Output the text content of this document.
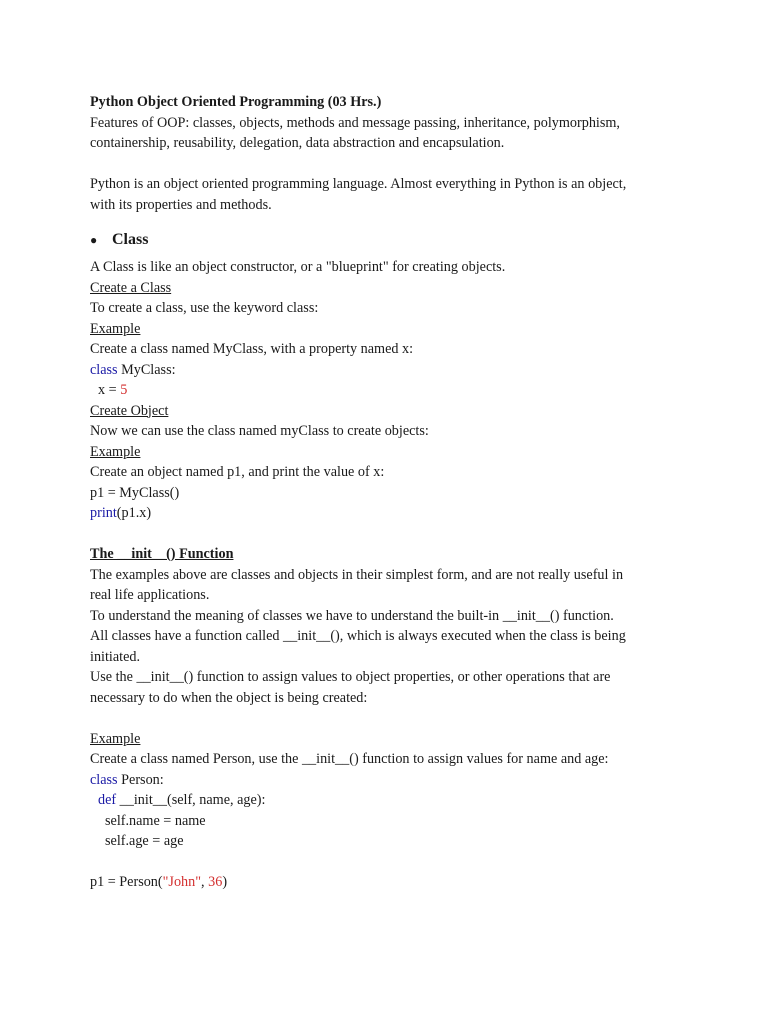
Python Object Oriented Programming (03 Hrs.)
Features of OOP: classes, objects, methods and message passing, inheritance, polymorphism,
containership, reusability, delegation, data abstraction and encapsulation.
Python is an object oriented programming language. Almost everything in Python is an object,
with its properties and methods.
● Class
A Class is like an object constructor, or a "blueprint" for creating objects.
Create a Class
To create a class, use the keyword class:
Example
Create a class named MyClass, with a property named x:
class MyClass:
x = 5
Create Object
Now we can use the class named myClass to create objects:
Example
Create an object named p1, and print the value of x:
p1 = MyClass()
print(p1.x)
The __init__() Function
The examples above are classes and objects in their simplest form, and are not really useful in
real life applications.
To understand the meaning of classes we have to understand the built-in __init__() function.
All classes have a function called __init__(), which is always executed when the class is being
initiated.
Use the __init__() function to assign values to object properties, or other operations that are
necessary to do when the object is being created:
Example
Create a class named Person, use the __init__() function to assign values for name and age:
class Person:
def __init__(self, name, age):
self.name = name
self.age = age
p1 = Person("John", 36)
